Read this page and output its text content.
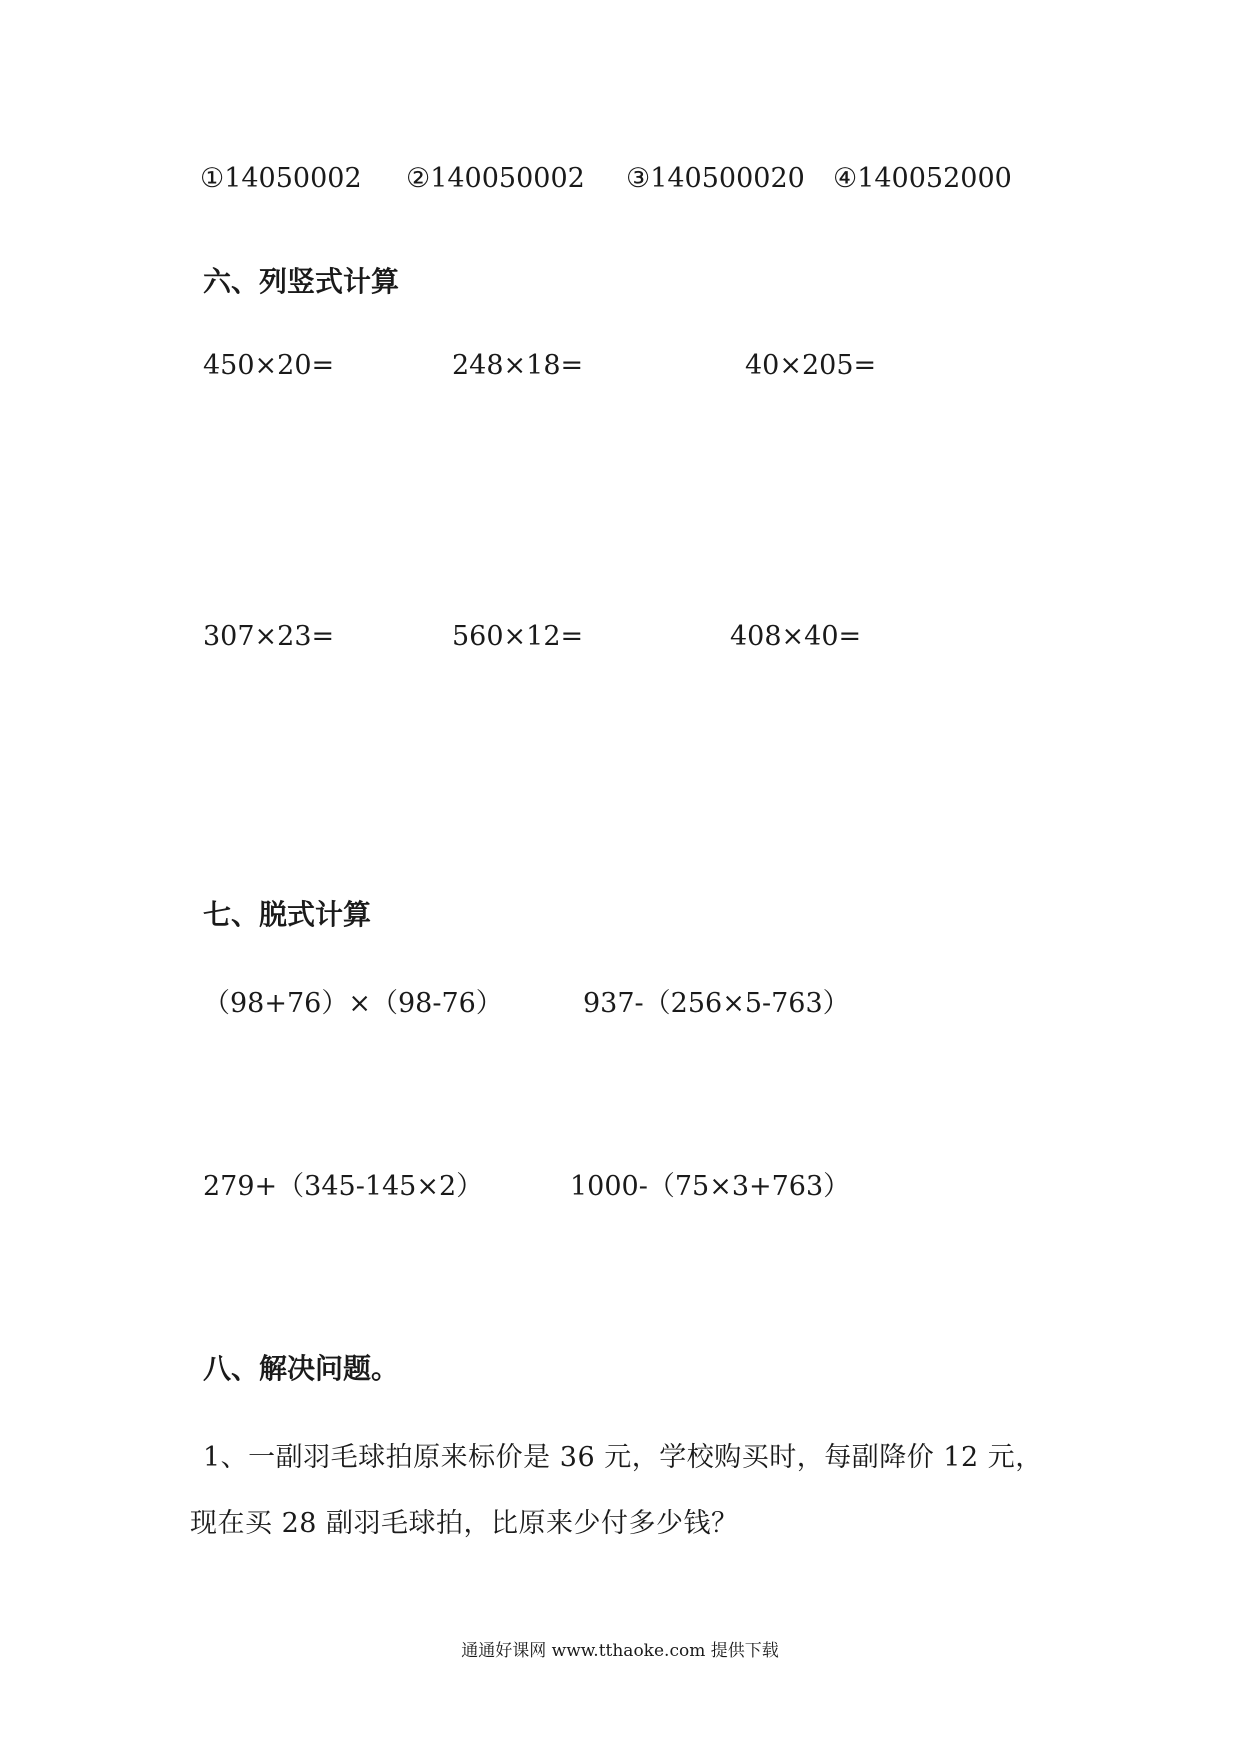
①14050002 ②140050002 ③140500020 ④140052000
六、列竖式计算
450×20=	248×18=	40×205=
307×23=	560×12=	408×40=
七、脱式计算
（98+76）×（98-76）	937-（256×5-763）
279+（345-145×2）	1000-（75×3+763）
八、解决问题。
1、一副羽毛球拍原来标价是 36 元，学校购买时，每副降价 12 元，
现在买 28 副羽毛球拍，比原来少付多少钱？
通通好课网 www.tthaoke.com 提供下载
